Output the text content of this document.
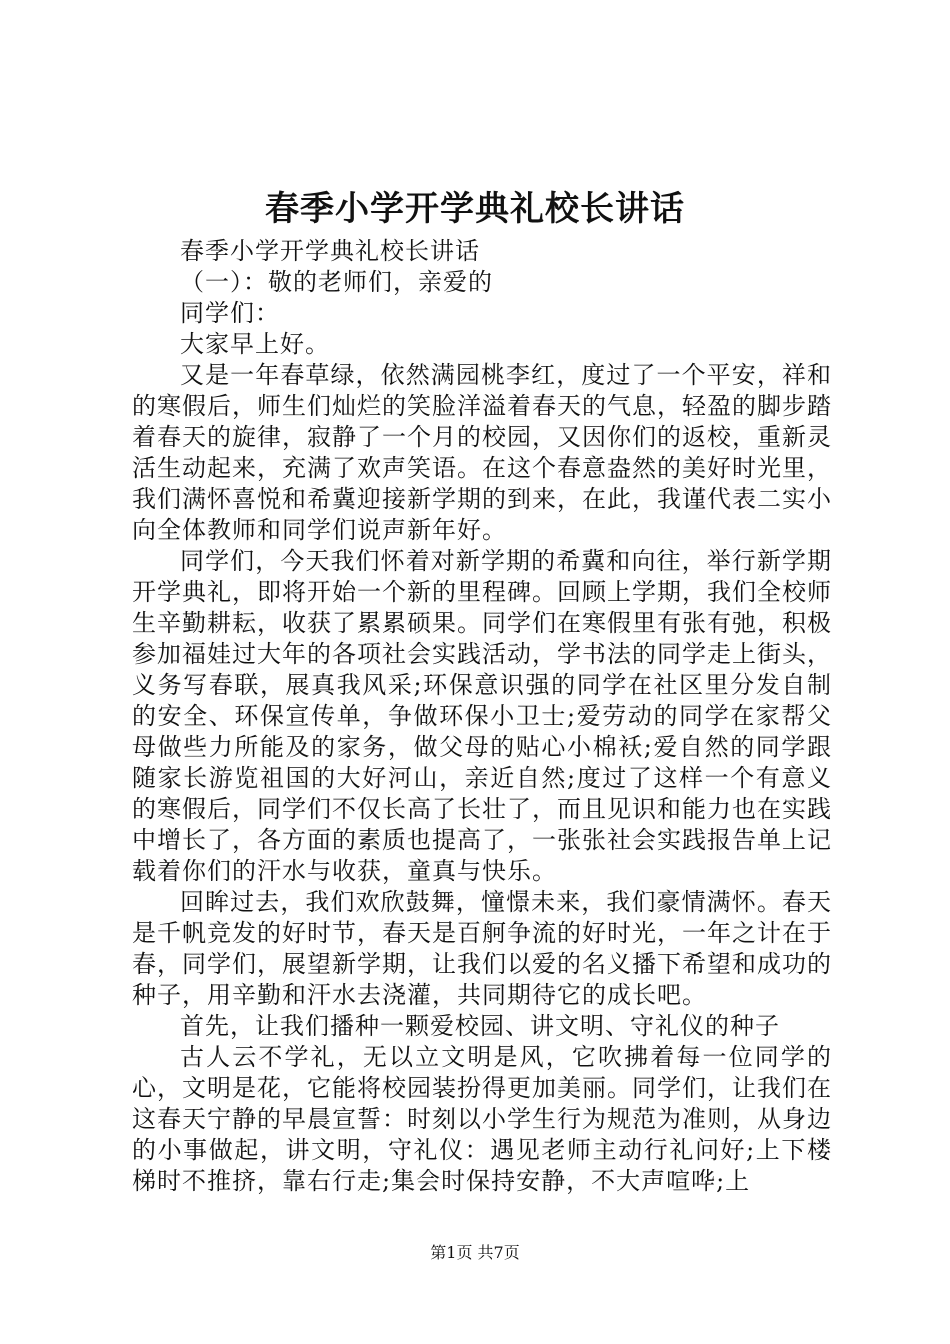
春季小学开学典礼校长讲话

春季小学开学典礼校长讲话

（一）：敬的老师们，亲爱的

同学们：

大家早上好。

又是一年春草绿，依然满园桃李红，度过了一个平安，祥和的寒假后，师生们灿烂的笑脸洋溢着春天的气息，轻盈的脚步踏着春天的旋律，寂静了一个月的校园，又因你们的返校，重新灵活生动起来，充满了欢声笑语。在这个春意盎然的美好时光里，我们满怀喜悦和希冀迎接新学期的到来，在此，我谨代表二实小向全体教师和同学们说声新年好。

同学们，今天我们怀着对新学期的希冀和向往，举行新学期开学典礼，即将开始一个新的里程碑。回顾上学期，我们全校师生辛勤耕耘，收获了累累硕果。同学们在寒假里有张有弛，积极参加福娃过大年的各项社会实践活动，学书法的同学走上街头，义务写春联，展真我风采;环保意识强的同学在社区里分发自制的安全、环保宣传单，争做环保小卫士;爱劳动的同学在家帮父母做些力所能及的家务，做父母的贴心小棉袄;爱自然的同学跟随家长游览祖国的大好河山，亲近自然;度过了这样一个有意义的寒假后，同学们不仅长高了长壮了，而且见识和能力也在实践中增长了，各方面的素质也提高了，一张张社会实践报告单上记载着你们的汗水与收获，童真与快乐。

回眸过去，我们欢欣鼓舞，憧憬未来，我们豪情满怀。春天是千帆竞发的好时节，春天是百舸争流的好时光，一年之计在于春，同学们，展望新学期，让我们以爱的名义播下希望和成功的种子，用辛勤和汗水去浇灌，共同期待它的成长吧。

首先，让我们播种一颗爱校园、讲文明、守礼仪的种子

古人云不学礼，无以立文明是风，它吹拂着每一位同学的心，文明是花，它能将校园装扮得更加美丽。同学们，让我们在这春天宁静的早晨宣誓：时刻以小学生行为规范为准则，从身边的小事做起，讲文明，守礼仪：遇见老师主动行礼问好;上下楼梯时不推挤，靠右行走;集会时保持安静，不大声喧哗;上

第1页 共7页
